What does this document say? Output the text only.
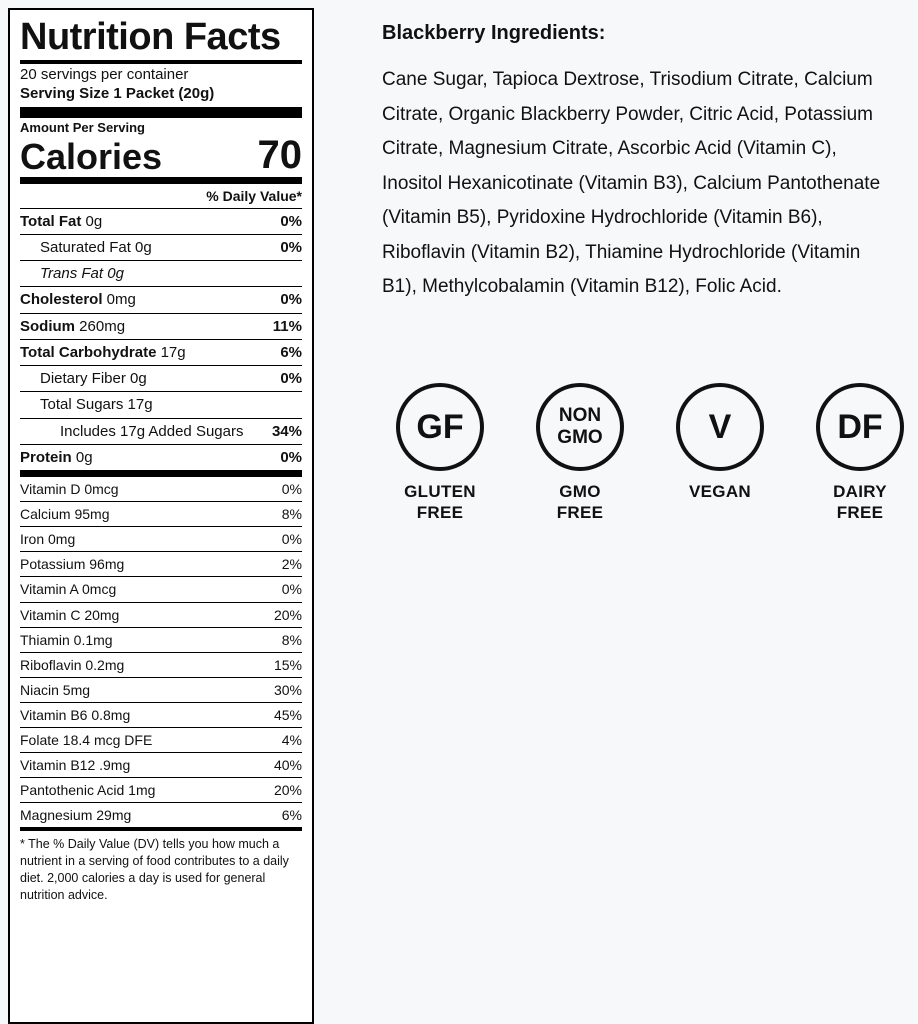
Nutrition Facts
20 servings per container
Serving Size 1 Packet (20g)
Amount Per Serving
Calories 70
% Daily Value*
Total Fat 0g	0%
Saturated Fat 0g	0%
Trans Fat 0g
Cholesterol 0mg	0%
Sodium 260mg	11%
Total Carbohydrate 17g	6%
Dietary Fiber 0g	0%
Total Sugars 17g
Includes 17g Added Sugars 34%
Protein 0g	0%
Vitamin D 0mcg	0%
Calcium 95mg	8%
Iron 0mg	0%
Potassium 96mg	2%
Vitamin A 0mcg	0%
Vitamin C 20mg	20%
Thiamin 0.1mg	8%
Riboflavin 0.2mg	15%
Niacin 5mg	30%
Vitamin B6 0.8mg	45%
Folate 18.4 mcg DFE	4%
Vitamin B12 .9mg	40%
Pantothenic Acid 1mg	20%
Magnesium 29mg	6%
* The % Daily Value (DV) tells you how much a nutrient in a serving of food contributes to a daily diet. 2,000 calories a day is used for general nutrition advice.
Blackberry Ingredients:
Cane Sugar, Tapioca Dextrose, Trisodium Citrate, Calcium Citrate, Organic Blackberry Powder, Citric Acid, Potassium Citrate, Magnesium Citrate, Ascorbic Acid (Vitamin C), Inositol Hexanicotinate (Vitamin B3), Calcium Pantothenate (Vitamin B5), Pyridoxine Hydrochloride (Vitamin B6), Riboflavin (Vitamin B2), Thiamine Hydrochloride (Vitamin B1), Methylcobalamin (Vitamin B12), Folic Acid.
GF
GLUTEN
FREE
NON
GMO
GMO
FREE
V
VEGAN
DF
DAIRY
FREE
